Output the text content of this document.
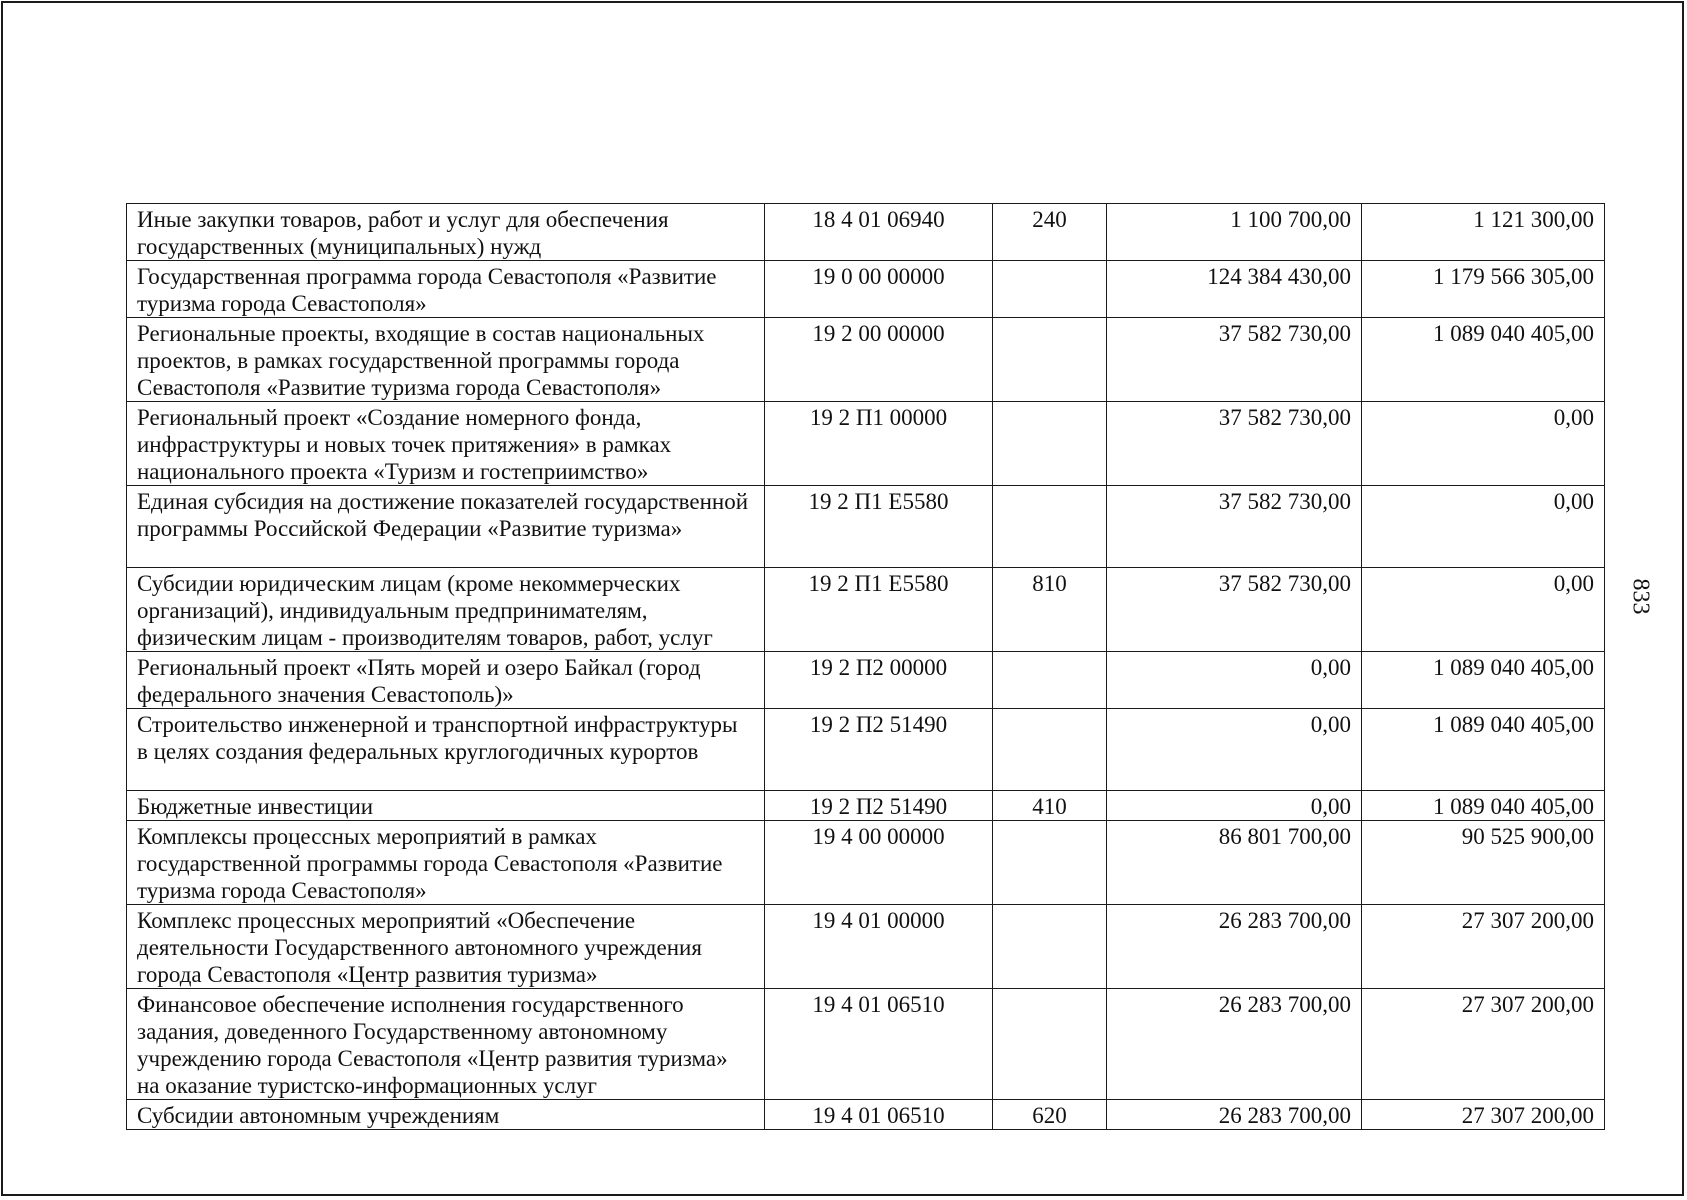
Иные закупки товаров, работ и услуг для обеспечения государственных (муниципальных) нужд	18 4 01 06940	240	1 100 700,00	1 121 300,00
Государственная программа города Севастополя «Развитие туризма города Севастополя»	19 0 00 00000		124 384 430,00	1 179 566 305,00
Региональные проекты, входящие в состав национальных проектов, в рамках государственной программы города Севастополя «Развитие туризма города Севастополя»	19 2 00 00000		37 582 730,00	1 089 040 405,00
Региональный проект «Создание номерного фонда, инфраструктуры и новых точек притяжения» в рамках национального проекта «Туризм и гостеприимство»	19 2 П1 00000		37 582 730,00	0,00
Единая субсидия на достижение показателей государственной программы Российской Федерации «Развитие туризма»	19 2 П1 Е5580		37 582 730,00	0,00
Субсидии юридическим лицам (кроме некоммерческих организаций), индивидуальным предпринимателям, физическим лицам - производителям товаров, работ, услуг	19 2 П1 Е5580	810	37 582 730,00	0,00
Региональный проект «Пять морей и озеро Байкал (город федерального значения Севастополь)»	19 2 П2 00000		0,00	1 089 040 405,00
Строительство инженерной и транспортной инфраструктуры в целях создания федеральных круглогодичных курортов	19 2 П2 51490		0,00	1 089 040 405,00
Бюджетные инвестиции	19 2 П2 51490	410	0,00	1 089 040 405,00
Комплексы процессных мероприятий в рамках государственной программы города Севастополя «Развитие туризма города Севастополя»	19 4 00 00000		86 801 700,00	90 525 900,00
Комплекс процессных мероприятий «Обеспечение деятельности Государственного автономного учреждения города Севастополя «Центр развития туризма»	19 4 01 00000		26 283 700,00	27 307 200,00
Финансовое обеспечение исполнения государственного задания, доведенного Государственному автономному учреждению города Севастополя «Центр развития туризма» на оказание туристско-информационных услуг	19 4 01 06510		26 283 700,00	27 307 200,00
Субсидии автономным учреждениям	19 4 01 06510	620	26 283 700,00	27 307 200,00
833
